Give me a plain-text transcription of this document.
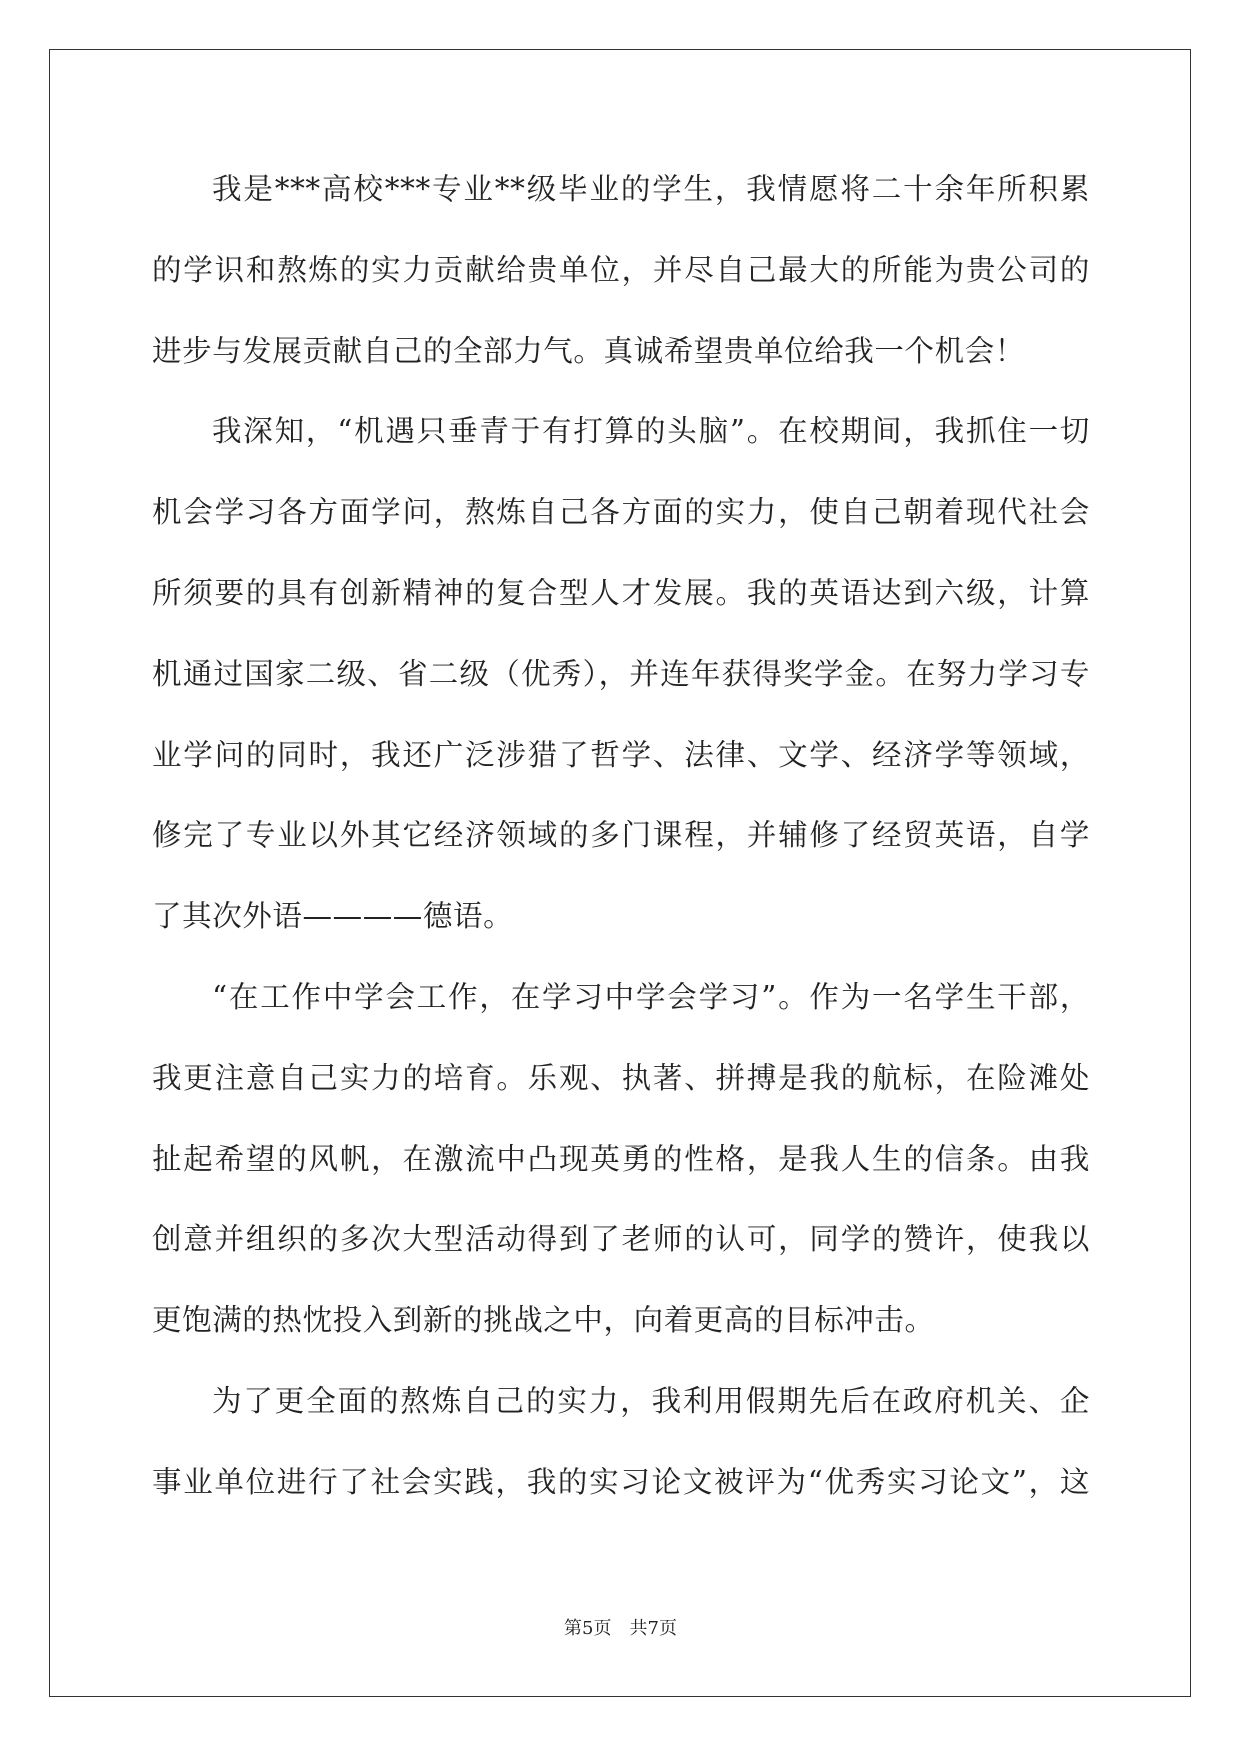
我是***高校***专业**级毕业的学生，我情愿将二十余年所积累
的学识和熬炼的实力贡献给贵单位，并尽自己最大的所能为贵公司的
进步与发展贡献自己的全部力气。真诚希望贵单位给我一个机会！
我深知，“机遇只垂青于有打算的头脑”。在校期间，我抓住一切
机会学习各方面学问，熬炼自己各方面的实力，使自己朝着现代社会
所须要的具有创新精神的复合型人才发展。我的英语达到六级，计算
机通过国家二级、省二级（优秀），并连年获得奖学金。在努力学习专
业学问的同时，我还广泛涉猎了哲学、法律、文学、经济学等领域，
修完了专业以外其它经济领域的多门课程，并辅修了经贸英语，自学
了其次外语————德语。
“在工作中学会工作，在学习中学会学习”。作为一名学生干部，
我更注意自己实力的培育。乐观、执著、拼搏是我的航标，在险滩处
扯起希望的风帆，在激流中凸现英勇的性格，是我人生的信条。由我
创意并组织的多次大型活动得到了老师的认可，同学的赞许，使我以
更饱满的热忱投入到新的挑战之中，向着更高的目标冲击。
为了更全面的熬炼自己的实力，我利用假期先后在政府机关、企
事业单位进行了社会实践，我的实习论文被评为“优秀实习论文”，这
第5页　共7页
